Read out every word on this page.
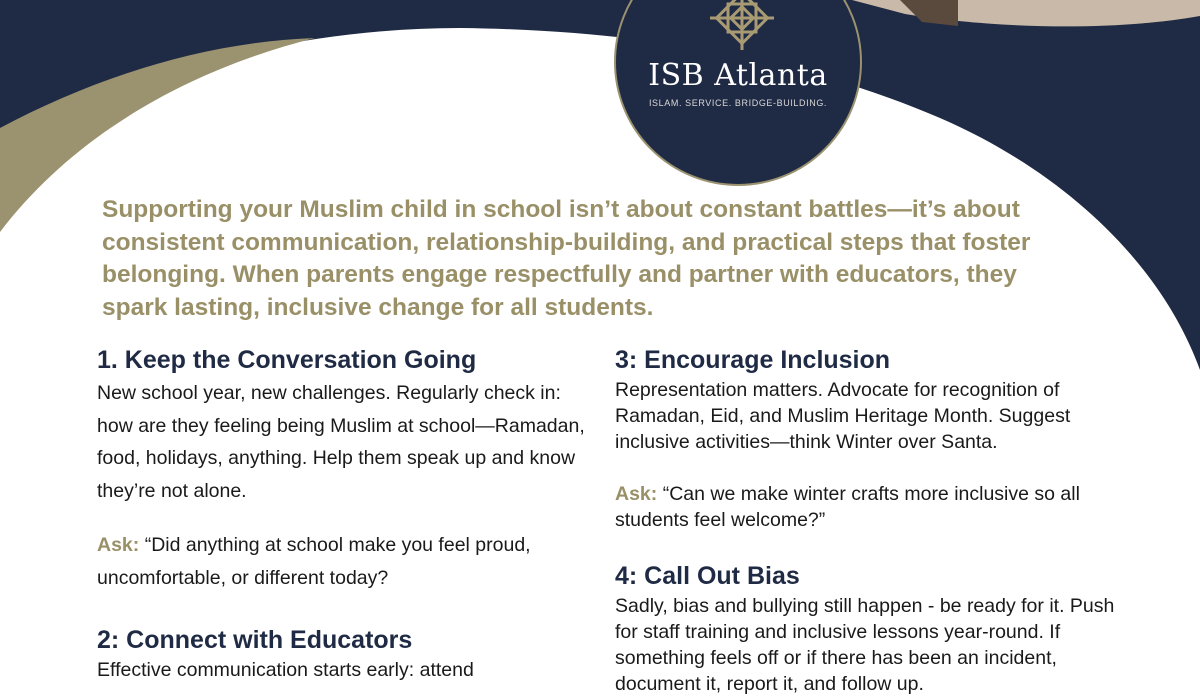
ISB Atlanta
ISLAM. SERVICE. BRIDGE-BUILDING.

Supporting your Muslim child in school isn’t about constant battles—it’s about consistent communication, relationship-building, and practical steps that foster belonging. When parents engage respectfully and partner with educators, they spark lasting, inclusive change for all students.

1. Keep the Conversation Going

New school year, new challenges. Regularly check in: how are they feeling being Muslim at school—Ramadan, food, holidays, anything. Help them speak up and know they’re not alone.

Ask: “Did anything at school make you feel proud, uncomfortable, or different today?

2: Connect with Educators

Effective communication starts early: attend

3: Encourage Inclusion

Representation matters. Advocate for recognition of Ramadan, Eid, and Muslim Heritage Month. Suggest inclusive activities—think Winter over Santa.

Ask: “Can we make winter crafts more inclusive so all students feel welcome?”

4: Call Out Bias

Sadly, bias and bullying still happen - be ready for it. Push for staff training and inclusive lessons year-round. If something feels off or if there has been an incident, document it, report it, and follow up.
